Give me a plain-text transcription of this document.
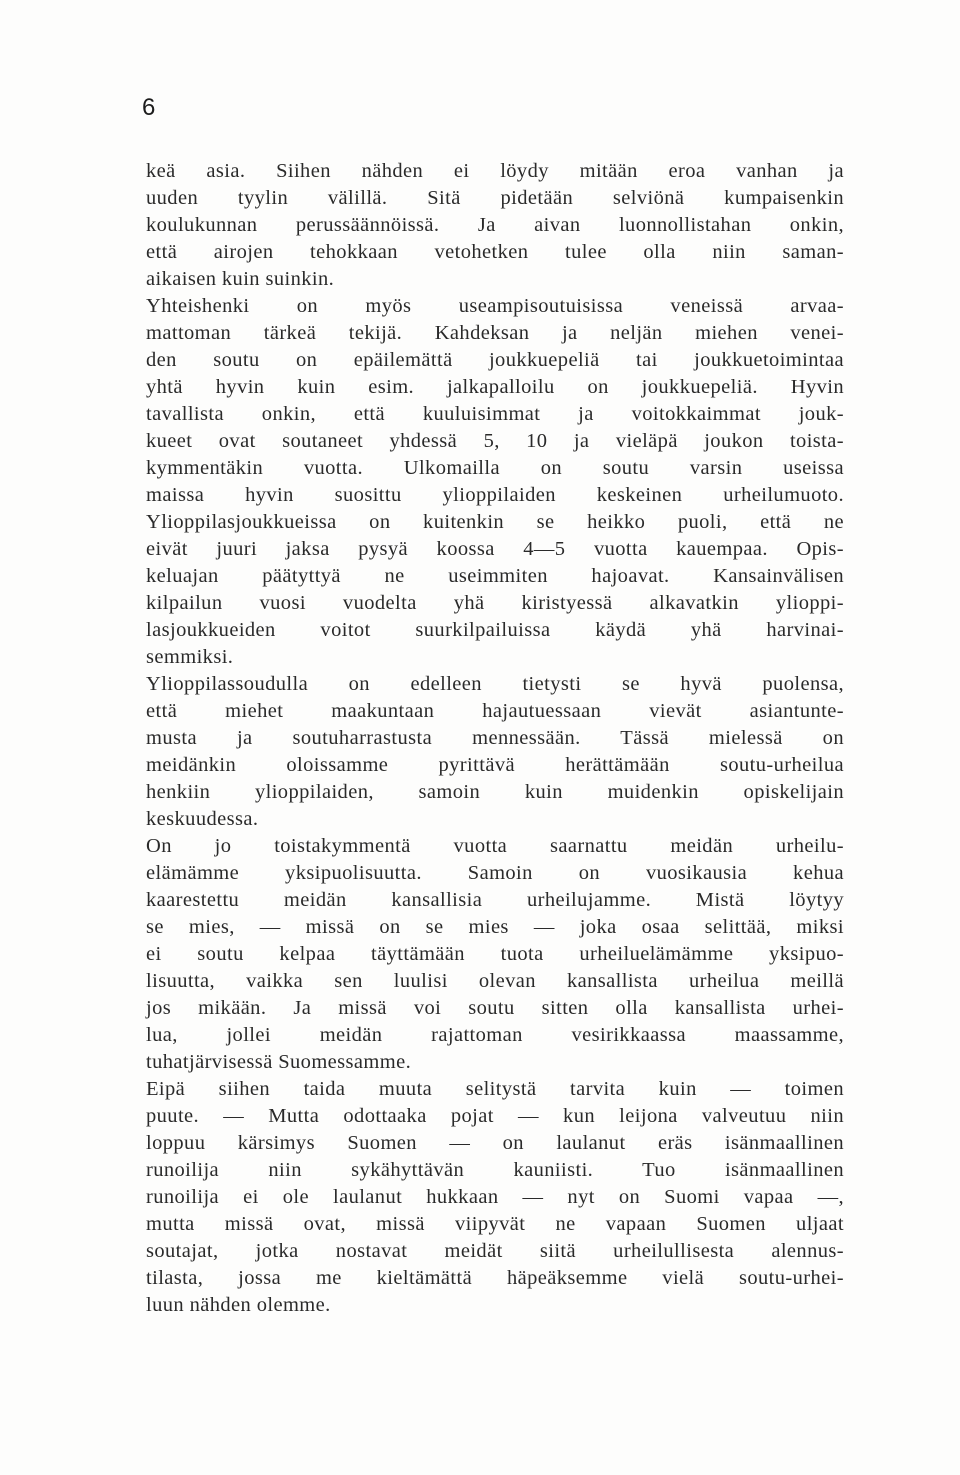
6
keä asia. Siihen nähden ei löydy mitään eroa vanhan ja
uuden tyylin välillä. Sitä pidetään selviönä kumpaisenkin
koulukunnan perussäännöissä. Ja aivan luonnollistahan onkin,
että airojen tehokkaan vetohetken tulee olla niin saman-
aikaisen kuin suinkin.
Yhteishenki on myös useampisoutuisissa veneissä arvaa-
mattoman tärkeä tekijä. Kahdeksan ja neljän miehen venei-
den soutu on epäilemättä joukkuepeliä tai joukkuetoimintaa
yhtä hyvin kuin esim. jalkapalloilu on joukkuepeliä. Hyvin
tavallista onkin, että kuuluisimmat ja voitokkaimmat jouk-
kueet ovat soutaneet yhdessä 5, 10 ja vieläpä joukon toista-
kymmentäkin vuotta. Ulkomailla on soutu varsin useissa
maissa hyvin suosittu ylioppilaiden keskeinen urheilumuoto.
Ylioppilasjoukkueissa on kuitenkin se heikko puoli, että ne
eivät juuri jaksa pysyä koossa 4—5 vuotta kauempaa. Opis-
keluajan päätyttyä ne useimmiten hajoavat. Kansainvälisen
kilpailun vuosi vuodelta yhä kiristyessä alkavatkin ylioppi-
lasjoukkueiden voitot suurkilpailuissa käydä yhä harvinai-
semmiksi.
Ylioppilassoudulla on edelleen tietysti se hyvä puolensa,
että miehet maakuntaan hajautuessaan vievät asiantunte-
musta ja soutuharrastusta mennessään. Tässä mielessä on
meidänkin oloissamme pyrittävä herättämään soutu-urheilua
henkiin ylioppilaiden, samoin kuin muidenkin opiskelijain
keskuudessa.
On jo toistakymmentä vuotta saarnattu meidän urheilu-
elämämme yksipuolisuutta. Samoin on vuosikausia kehua
kaarestettu meidän kansallisia urheilujamme. Mistä löytyy
se mies, — missä on se mies — joka osaa selittää, miksi
ei soutu kelpaa täyttämään tuota urheiluelämämme yksipuo-
lisuutta, vaikka sen luulisi olevan kansallista urheilua meillä
jos mikään. Ja missä voi soutu sitten olla kansallista urhei-
lua, jollei meidän rajattoman vesirikkaassa maassamme,
tuhatjärvisessä Suomessamme.
Eipä siihen taida muuta selitystä tarvita kuin — toimen
puute. — Mutta odottaaka pojat — kun leijona valveutuu niin
loppuu kärsimys Suomen — on laulanut eräs isänmaallinen
runoilija niin sykähyttävän kauniisti. Tuo isänmaallinen
runoilija ei ole laulanut hukkaan — nyt on Suomi vapaa —,
mutta missä ovat, missä viipyvät ne vapaan Suomen uljaat
soutajat, jotka nostavat meidät siitä urheilullisesta alennus-
tilasta, jossa me kieltämättä häpeäksemme vielä soutu-urhei-
luun nähden olemme.
